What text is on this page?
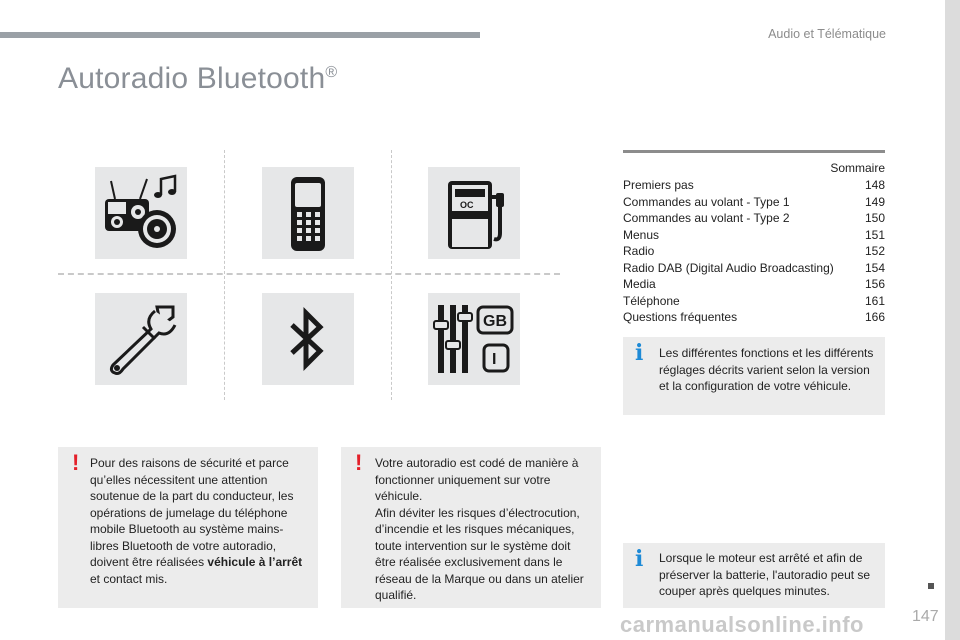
Audio et Télématique
Autoradio Bluetooth®
OC
GB
I
Sommaire
Premiers pas	148
Commandes au volant - Type 1	149
Commandes au volant - Type 2	150
Menus	151
Radio	152
Radio DAB (Digital Audio Broadcasting)	154
Media	156
Téléphone	161
Questions fréquentes	166
i Les différentes fonctions et les différents réglages décrits varient selon la version et la configuration de votre véhicule.
i Lorsque le moteur est arrêté et afin de préserver la batterie, l'autoradio peut se couper après quelques minutes.
! Pour des raisons de sécurité et parce qu’elles nécessitent une attention soutenue de la part du conducteur, les opérations de jumelage du téléphone mobile Bluetooth au système mains-libres Bluetooth de votre autoradio, doivent être réalisées véhicule à l’arrêt et contact mis.
! Votre autoradio est codé de manière à fonctionner uniquement sur votre véhicule.
Afin déviter les risques d’électrocution, d’incendie et les risques mécaniques, toute intervention sur le système doit être réalisée exclusivement dans le réseau de la Marque ou dans un atelier qualifié.
carmanualsonline.info	147
